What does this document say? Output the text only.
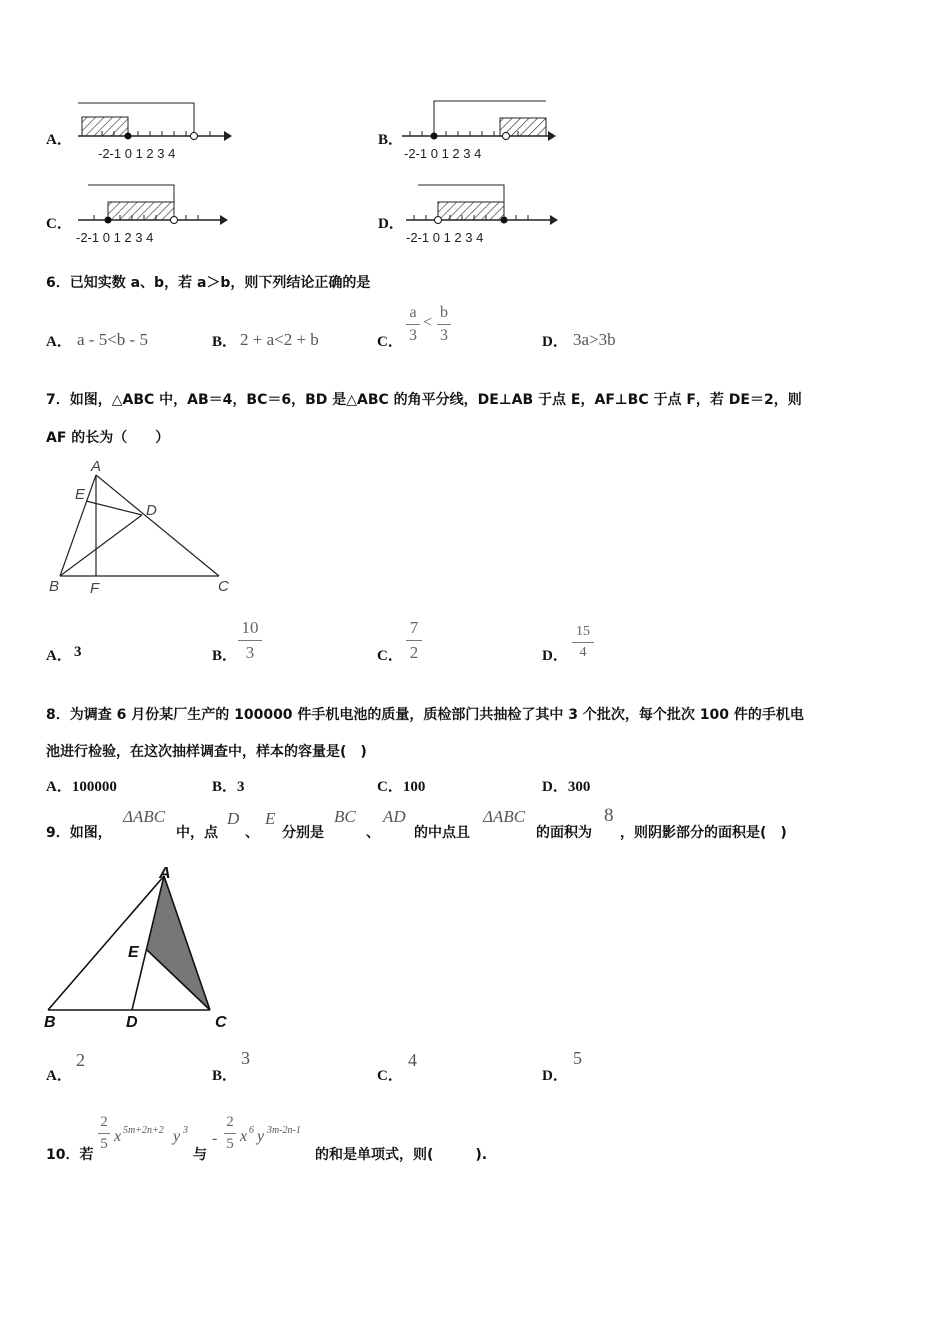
A．
-2-1 0 1 2 3 4
B．
-2-1 0 1 2 3 4
C．
-2-1 0 1 2 3 4
D．
-2-1 0 1 2 3 4
6．已知实数 a、b，若 a＞b，则下列结论正确的是
A． a - 5<b - 5	B． 2 + a<2 + b	C．
a
3
<
b
3	D． 3a>3b
7．如图，△ABC 中，AB＝4，BC＝6，BD 是△ABC 的角平分线，DE⊥AB 于点 E，AF⊥BC 于点 F，若 DE＝2，则
AF 的长为（　　）
A
E
D
B F	C
A． 3	B．
10
3	C．
7
2	D．
15
4
8．为调查 6 月份某厂生产的 100000 件手机电池的质量，质检部门共抽检了其中 3 个批次，每个批次 100 件的手机电
池进行检验，在这次抽样调查中，样本的容量是(　)
A．100000	B．3	C．100	D．300
9．如图，
ΔABC
中，点
D
、
E
分别是
BC
、
AD
的中点且
ΔABC
的面积为
8
，则阴影部分的面积是(　)
A
E
B	D	C
A．
2
B．
3
C．
4
D．
5
10．若
2
5 x 5m+2n+2 y 3
与
-
2
5 x 6 y 3m-2n-1
的和是单项式，则(　　　).
